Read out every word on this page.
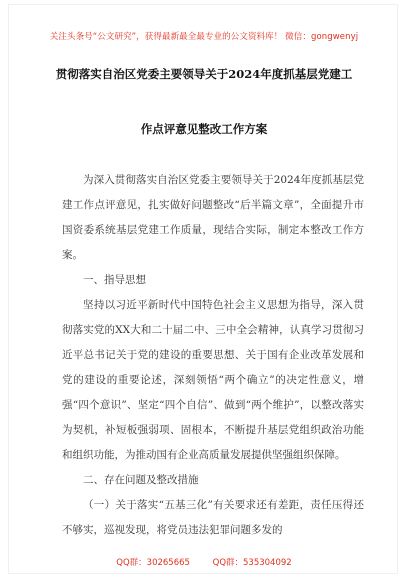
关注头条号“公文研究”，获得最新最全最专业的公文资料库！ 微信：gongwenyj
贯彻落实自治区党委主要领导关于2024年度抓基层党建工
作点评意见整改工作方案

为深入贯彻落实自治区党委主要领导关于2024年度抓基层党建工作点评意见，扎实做好问题整改“后半篇文章”，全面提升市国资委系统基层党建工作质量，现结合实际，制定本整改工作方案。

一、指导思想

坚持以习近平新时代中国特色社会主义思想为指导，深入贯彻落实党的XX大和二十届二中、三中全会精神，认真学习贯彻习近平总书记关于党的建设的重要思想、关于国有企业改革发展和党的建设的重要论述，深刻领悟“两个确立”的决定性意义，增强“四个意识”、坚定“四个自信”、做到“两个维护”，以整改落实为契机，补短板强弱项、固根本，不断提升基层党组织政治功能和组织功能，为推动国有企业高质量发展提供坚强组织保障。

二、存在问题及整改措施

（一）关于落实“五基三化”有关要求还有差距，责任压得还不够实，巡视发现，将党员违法犯罪问题多发的

QQ群：30265665	QQ群：535304092
